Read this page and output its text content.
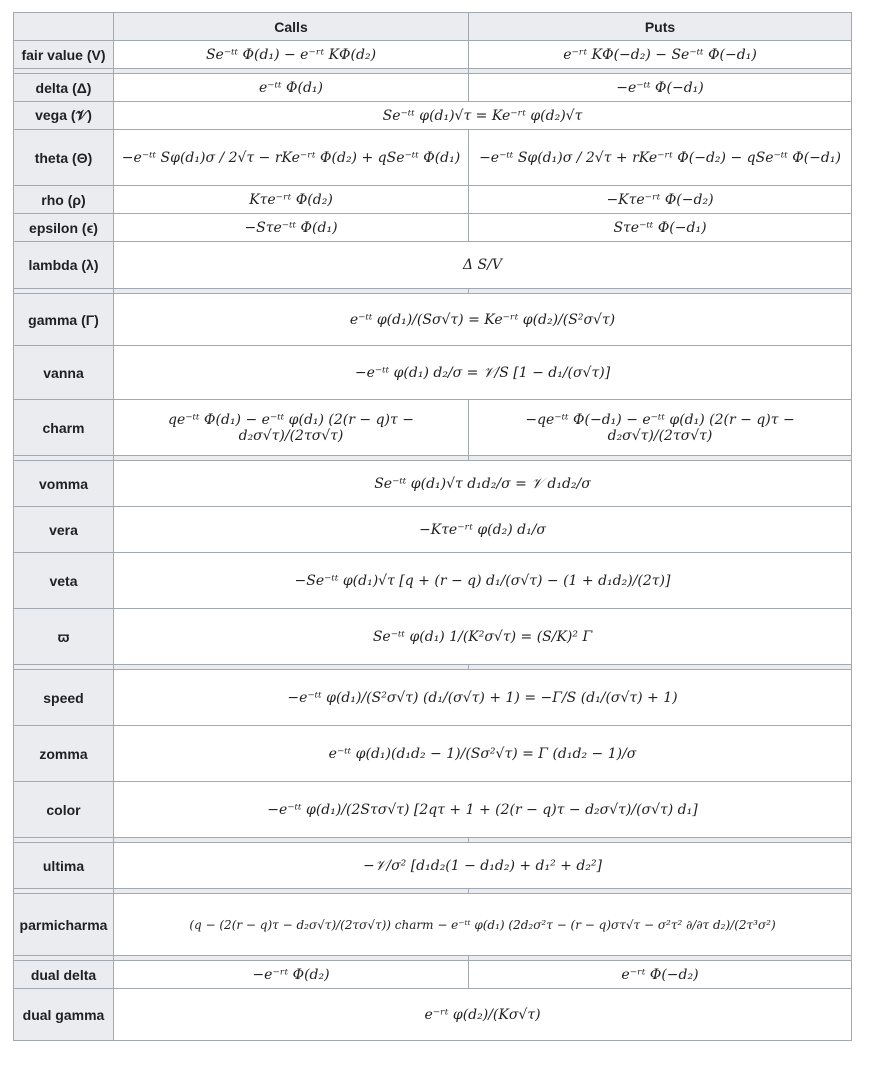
	Calls	Puts
fair value (V)	Se⁻ᵗᵗ Φ(d₁) − e⁻ʳᵗ KΦ(d₂)	e⁻ʳᵗ KΦ(−d₂) − Se⁻ᵗᵗ Φ(−d₁)

delta (Δ)	e⁻ᵗᵗ Φ(d₁)	−e⁻ᵗᵗ Φ(−d₁)
vega (𝒱)	Se⁻ᵗᵗ φ(d₁)√τ = Ke⁻ʳᵗ φ(d₂)√τ	
theta (Θ)	−e⁻ᵗᵗ Sφ(d₁)σ / 2√τ − rKe⁻ʳᵗ Φ(d₂) + qSe⁻ᵗᵗ Φ(d₁)	−e⁻ᵗᵗ Sφ(d₁)σ / 2√τ + rKe⁻ʳᵗ Φ(−d₂) − qSe⁻ᵗᵗ Φ(−d₁)
rho (ρ)	Kτe⁻ʳᵗ Φ(d₂)	−Kτe⁻ʳᵗ Φ(−d₂)
epsilon (ϵ)	−Sτe⁻ᵗᵗ Φ(d₁)	Sτe⁻ᵗᵗ Φ(−d₁)
lambda (λ)	Δ S/V	

gamma (Γ)	e⁻ᵗᵗ φ(d₁)/(Sσ√τ) = Ke⁻ʳᵗ φ(d₂)/(S²σ√τ)	
vanna	−e⁻ᵗᵗ φ(d₁) d₂/σ = 𝒱/S [1 − d₁/(σ√τ)]	
charm	qe⁻ᵗᵗ Φ(d₁) − e⁻ᵗᵗ φ(d₁) (2(r − q)τ − d₂σ√τ)/(2τσ√τ)	−qe⁻ᵗᵗ Φ(−d₁) − e⁻ᵗᵗ φ(d₁) (2(r − q)τ − d₂σ√τ)/(2τσ√τ)

vomma	Se⁻ᵗᵗ φ(d₁)√τ d₁d₂/σ = 𝒱 d₁d₂/σ	
vera	−Kτe⁻ʳᵗ φ(d₂) d₁/σ	
veta	−Se⁻ᵗᵗ φ(d₁)√τ [q + (r − q) d₁/(σ√τ) − (1 + d₁d₂)/(2τ)]	
ϖ	Se⁻ᵗᵗ φ(d₁) 1/(K²σ√τ) = (S/K)² Γ	

speed	−e⁻ᵗᵗ φ(d₁)/(S²σ√τ) (d₁/(σ√τ) + 1) = −Γ/S (d₁/(σ√τ) + 1)	
zomma	e⁻ᵗᵗ φ(d₁)(d₁d₂ − 1)/(Sσ²√τ) = Γ (d₁d₂ − 1)/σ	
color	−e⁻ᵗᵗ φ(d₁)/(2Sτσ√τ) [2qτ + 1 + (2(r − q)τ − d₂σ√τ)/(σ√τ) d₁]	

ultima	−𝒱/σ² [d₁d₂(1 − d₁d₂) + d₁² + d₂²]	

parmicharma	(q − (2(r − q)τ − d₂σ√τ)/(2τσ√τ)) charm − e⁻ᵗᵗ φ(d₁) (2d₂σ²τ − (r − q)στ√τ − σ²τ² ∂/∂τ d₂)/(2τ³σ²)	

dual delta	−e⁻ʳᵗ Φ(d₂)	e⁻ʳᵗ Φ(−d₂)
dual gamma	e⁻ʳᵗ φ(d₂)/(Kσ√τ)	
